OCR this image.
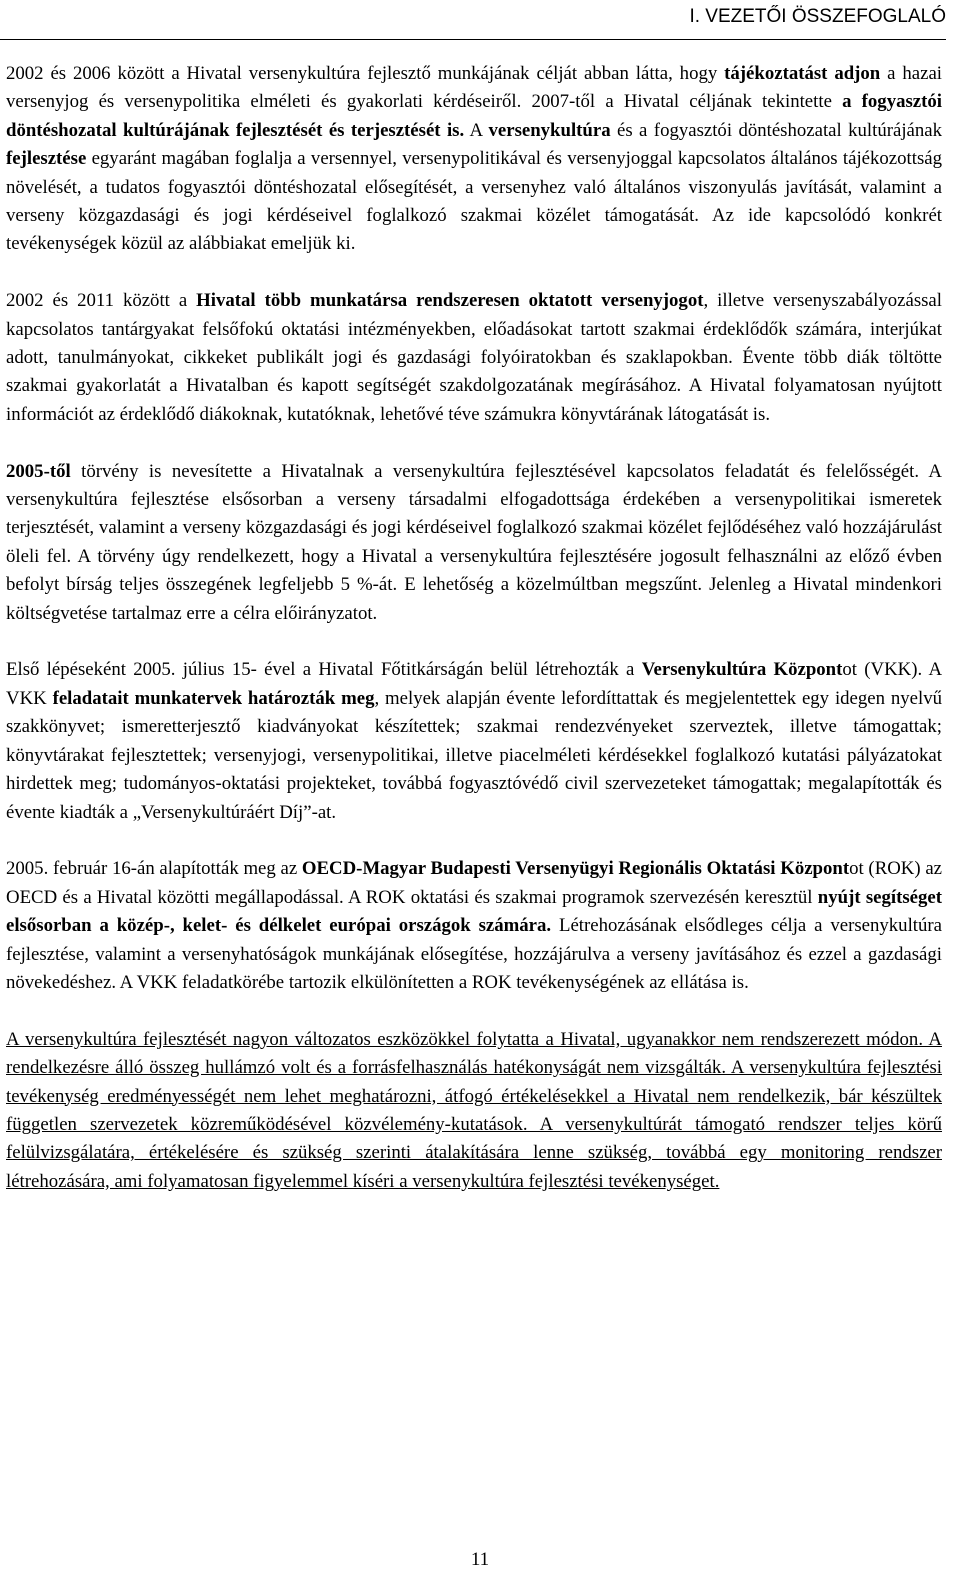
I. VEZETŐI ÖSSZEFOGLALÓ

2002 és 2006 között a Hivatal versenykultúra fejlesztő munkájának célját abban látta, hogy tájékoztatást adjon a hazai versenyjog és versenypolitika elméleti és gyakorlati kérdéseiről. 2007-től a Hivatal céljának tekintette a fogyasztói döntéshozatal kultúrájának fejlesztését és terjesztését is. A versenykultúra és a fogyasztói döntéshozatal kultúrájának fejlesztése egyaránt magában foglalja a versennyel, versenypolitikával és versenyjoggal kapcsolatos általános tájékozottság növelését, a tudatos fogyasztói döntéshozatal elősegítését, a versenyhez való általános viszonyulás javítását, valamint a verseny közgazdasági és jogi kérdéseivel foglalkozó szakmai közélet támogatását. Az ide kapcsolódó konkrét tevékenységek közül az alábbiakat emeljük ki.

2002 és 2011 között a Hivatal több munkatársa rendszeresen oktatott versenyjogot, illetve versenyszabályozással kapcsolatos tantárgyakat felsőfokú oktatási intézményekben, előadásokat tartott szakmai érdeklődők számára, interjúkat adott, tanulmányokat, cikkeket publikált jogi és gazdasági folyóiratokban és szaklapokban. Évente több diák töltötte szakmai gyakorlatát a Hivatalban és kapott segítségét szakdolgozatának megírásához. A Hivatal folyamatosan nyújtott információt az érdeklődő diákoknak, kutatóknak, lehetővé téve számukra könyvtárának látogatását is.

2005-től törvény is nevesítette a Hivatalnak a versenykultúra fejlesztésével kapcsolatos feladatát és felelősségét. A versenykultúra fejlesztése elsősorban a verseny társadalmi elfogadottsága érdekében a versenypolitikai ismeretek terjesztését, valamint a verseny közgazdasági és jogi kérdéseivel foglalkozó szakmai közélet fejlődéséhez való hozzájárulást öleli fel. A törvény úgy rendelkezett, hogy a Hivatal a versenykultúra fejlesztésére jogosult felhasználni az előző évben befolyt bírság teljes összegének legfeljebb 5 %-át. E lehetőség a közelmúltban megszűnt. Jelenleg a Hivatal mindenkori költségvetése tartalmaz erre a célra előirányzatot.

Első lépéseként 2005. július 15- ével a Hivatal Főtitkárságán belül létrehozták a Versenykultúra Központot (VKK). A VKK feladatait munkatervek határozták meg, melyek alapján évente lefordíttattak és megjelentettek egy idegen nyelvű szakkönyvet; ismeretterjesztő kiadványokat készítettek; szakmai rendezvényeket szerveztek, illetve támogattak; könyvtárakat fejlesztettek; versenyjogi, versenypolitikai, illetve piacelméleti kérdésekkel foglalkozó kutatási pályázatokat hirdettek meg; tudományos-oktatási projekteket, továbbá fogyasztóvédő civil szervezeteket támogattak; megalapították és évente kiadták a „Versenykultúráért Díj”-at.

2005. február 16-án alapították meg az OECD-Magyar Budapesti Versenyügyi Regionális Oktatási Központot (ROK) az OECD és a Hivatal közötti megállapodással. A ROK oktatási és szakmai programok szervezésén keresztül nyújt segítséget elsősorban a közép-, kelet- és délkelet európai országok számára. Létrehozásának elsődleges célja a versenykultúra fejlesztése, valamint a versenyhatóságok munkájának elősegítése, hozzájárulva a verseny javításához és ezzel a gazdasági növekedéshez. A VKK feladatkörébe tartozik elkülönítetten a ROK tevékenységének az ellátása is.

A versenykultúra fejlesztését nagyon változatos eszközökkel folytatta a Hivatal, ugyanakkor nem rendszerezett módon. A rendelkezésre álló összeg hullámzó volt és a forrásfelhasználás hatékonyságát nem vizsgálták. A versenykultúra fejlesztési tevékenység eredményességét nem lehet meghatározni, átfogó értékelésekkel a Hivatal nem rendelkezik, bár készültek független szervezetek közreműködésével közvélemény-kutatások. A versenykultúrát támogató rendszer teljes körű felülvizsgálatára, értékelésére és szükség szerinti átalakítására lenne szükség, továbbá egy monitoring rendszer létrehozására, ami folyamatosan figyelemmel kíséri a versenykultúra fejlesztési tevékenységet.

11
